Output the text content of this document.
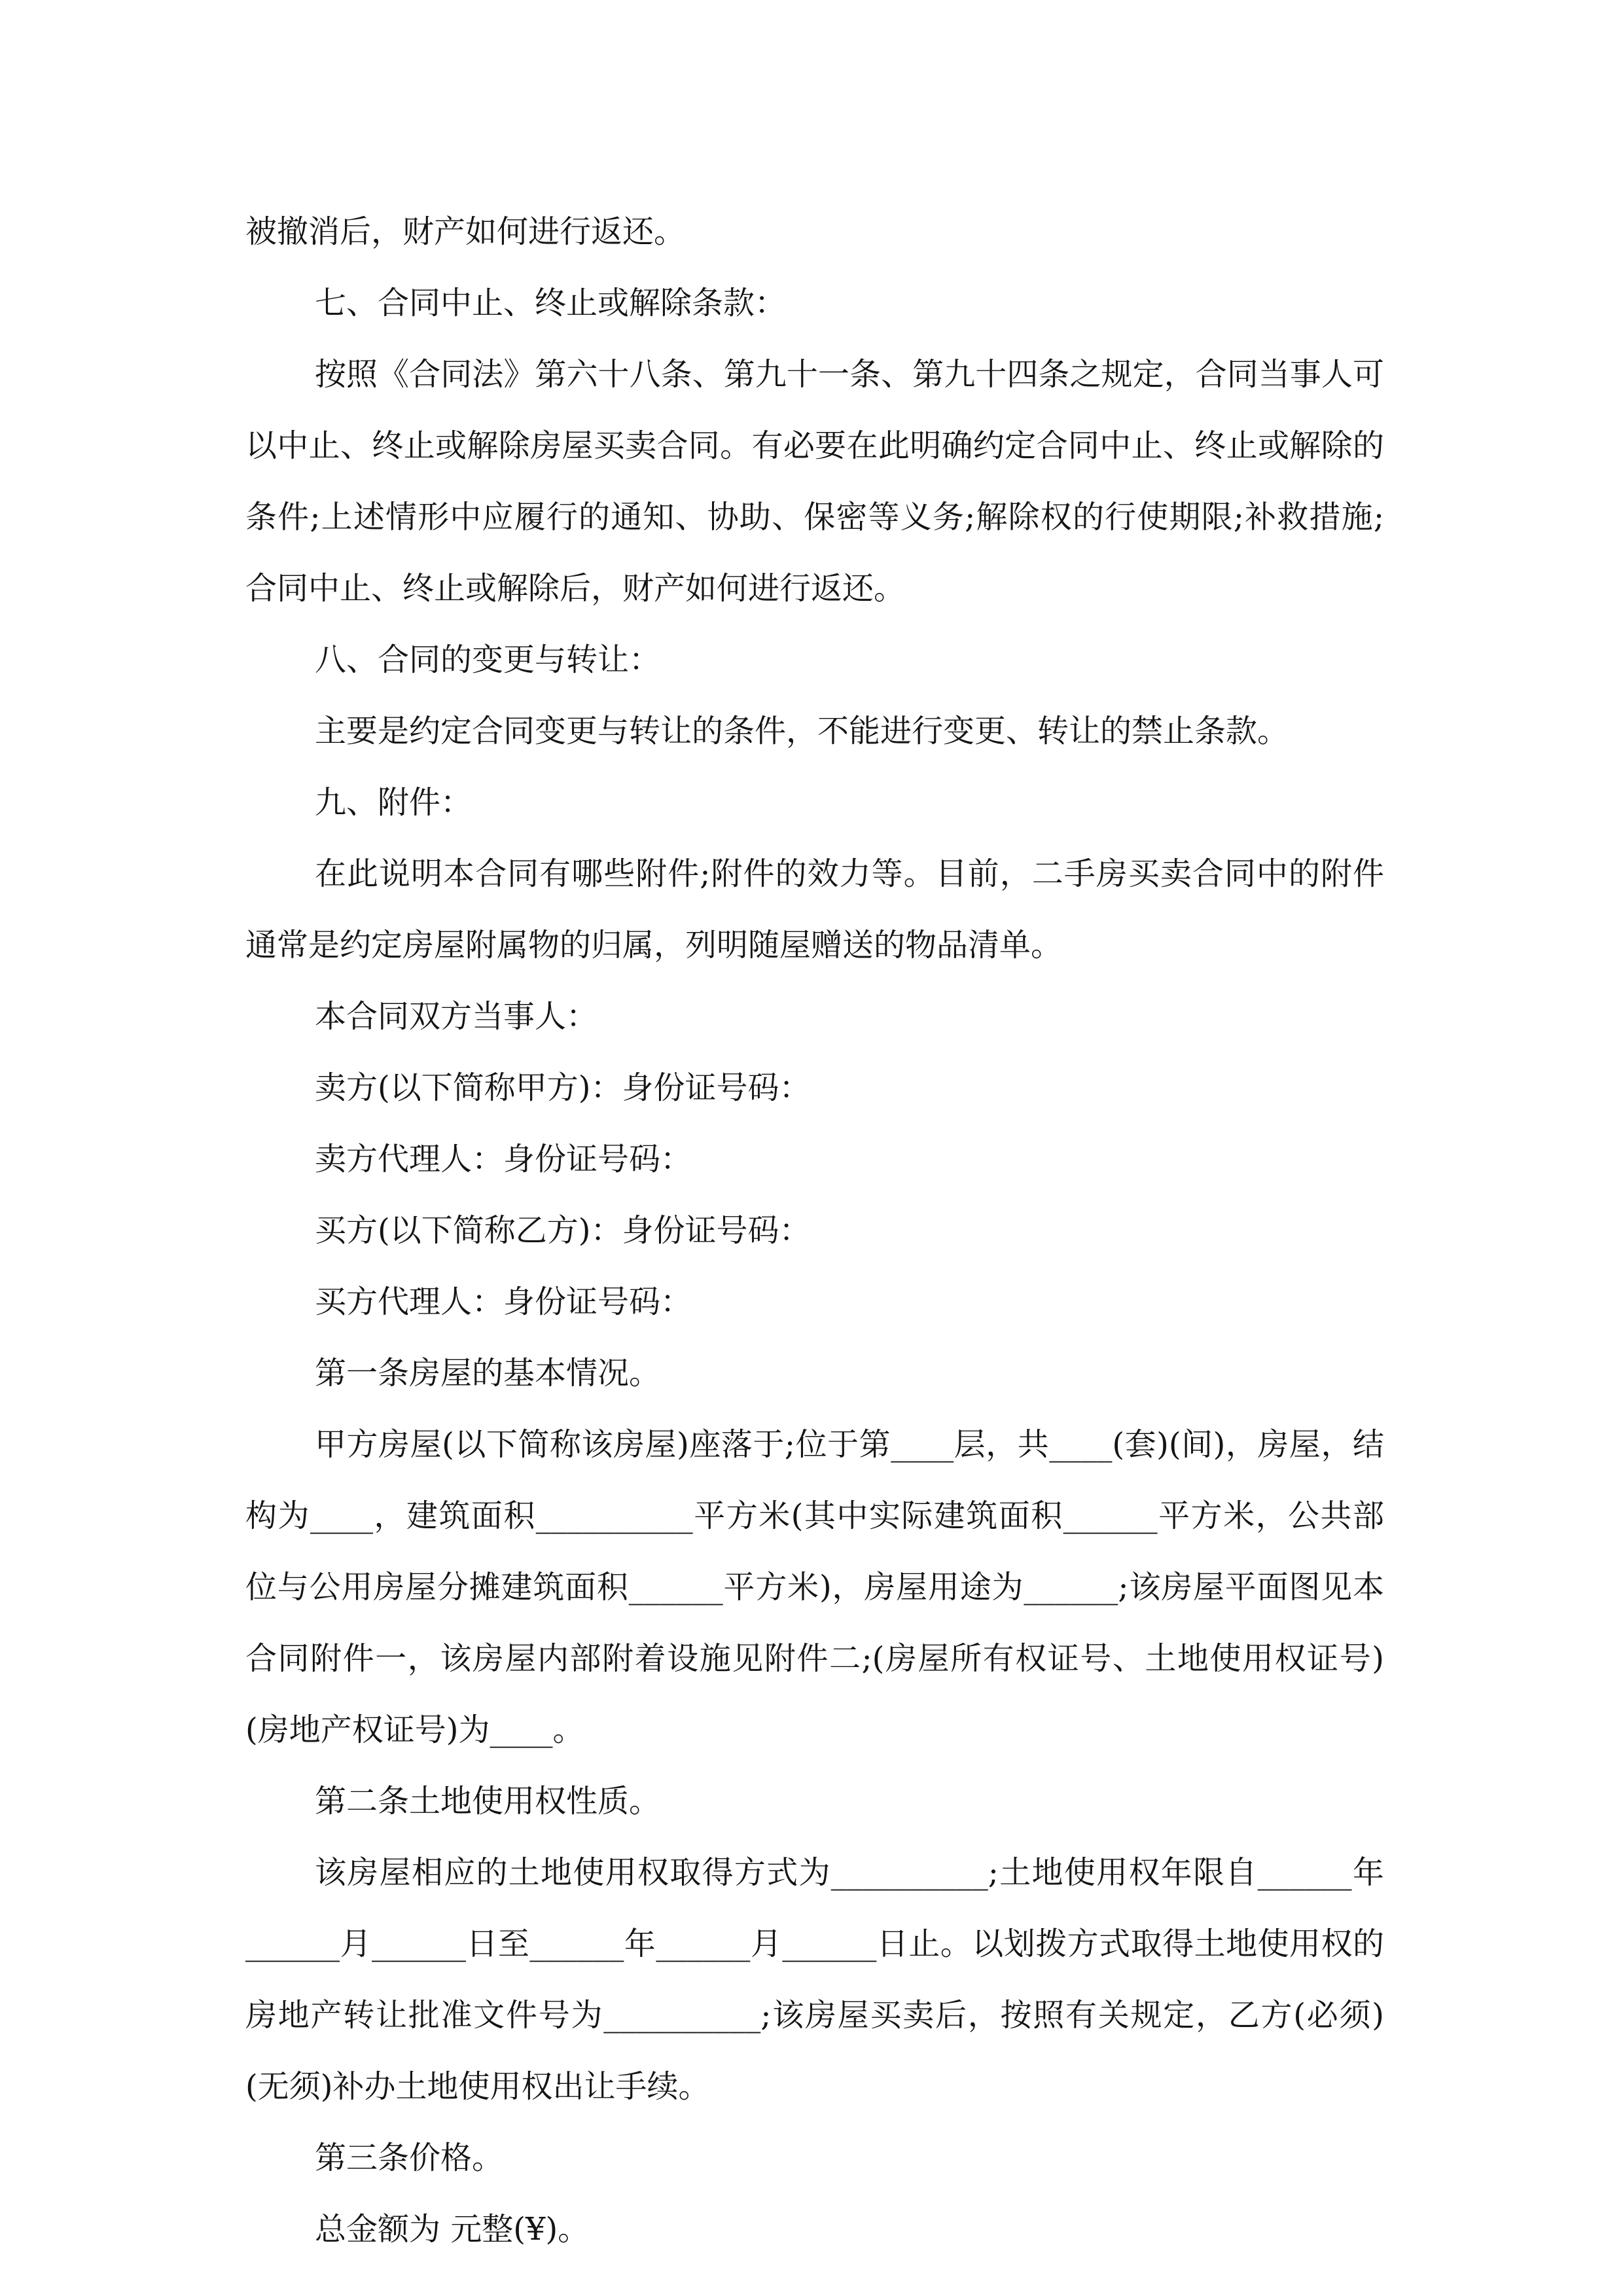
被撤消后，财产如何进行返还。

七、合同中止、终止或解除条款：

按照《合同法》第六十八条、第九十一条、第九十四条之规定，合同当事人可以中止、终止或解除房屋买卖合同。有必要在此明确约定合同中止、终止或解除的条件;上述情形中应履行的通知、协助、保密等义务;解除权的行使期限;补救措施;合同中止、终止或解除后，财产如何进行返还。

八、合同的变更与转让：

主要是约定合同变更与转让的条件，不能进行变更、转让的禁止条款。

九、附件：

在此说明本合同有哪些附件;附件的效力等。目前，二手房买卖合同中的附件通常是约定房屋附属物的归属，列明随屋赠送的物品清单。

本合同双方当事人：

卖方(以下简称甲方)：身份证号码：

卖方代理人：身份证号码：

买方(以下简称乙方)：身份证号码：

买方代理人：身份证号码：

第一条房屋的基本情况。

甲方房屋(以下简称该房屋)座落于;位于第____层，共____(套)(间)，房屋，结构为____，建筑面积__________平方米(其中实际建筑面积______平方米，公共部位与公用房屋分摊建筑面积______平方米)，房屋用途为______;该房屋平面图见本合同附件一，该房屋内部附着设施见附件二;(房屋所有权证号、土地使用权证号)(房地产权证号)为____。

第二条土地使用权性质。

该房屋相应的土地使用权取得方式为__________;土地使用权年限自______年______月______日至______年______月______日止。以划拨方式取得土地使用权的房地产转让批准文件号为__________;该房屋买卖后，按照有关规定，乙方(必须)(无须)补办土地使用权出让手续。

第三条价格。

总金额为 元整(¥)。
